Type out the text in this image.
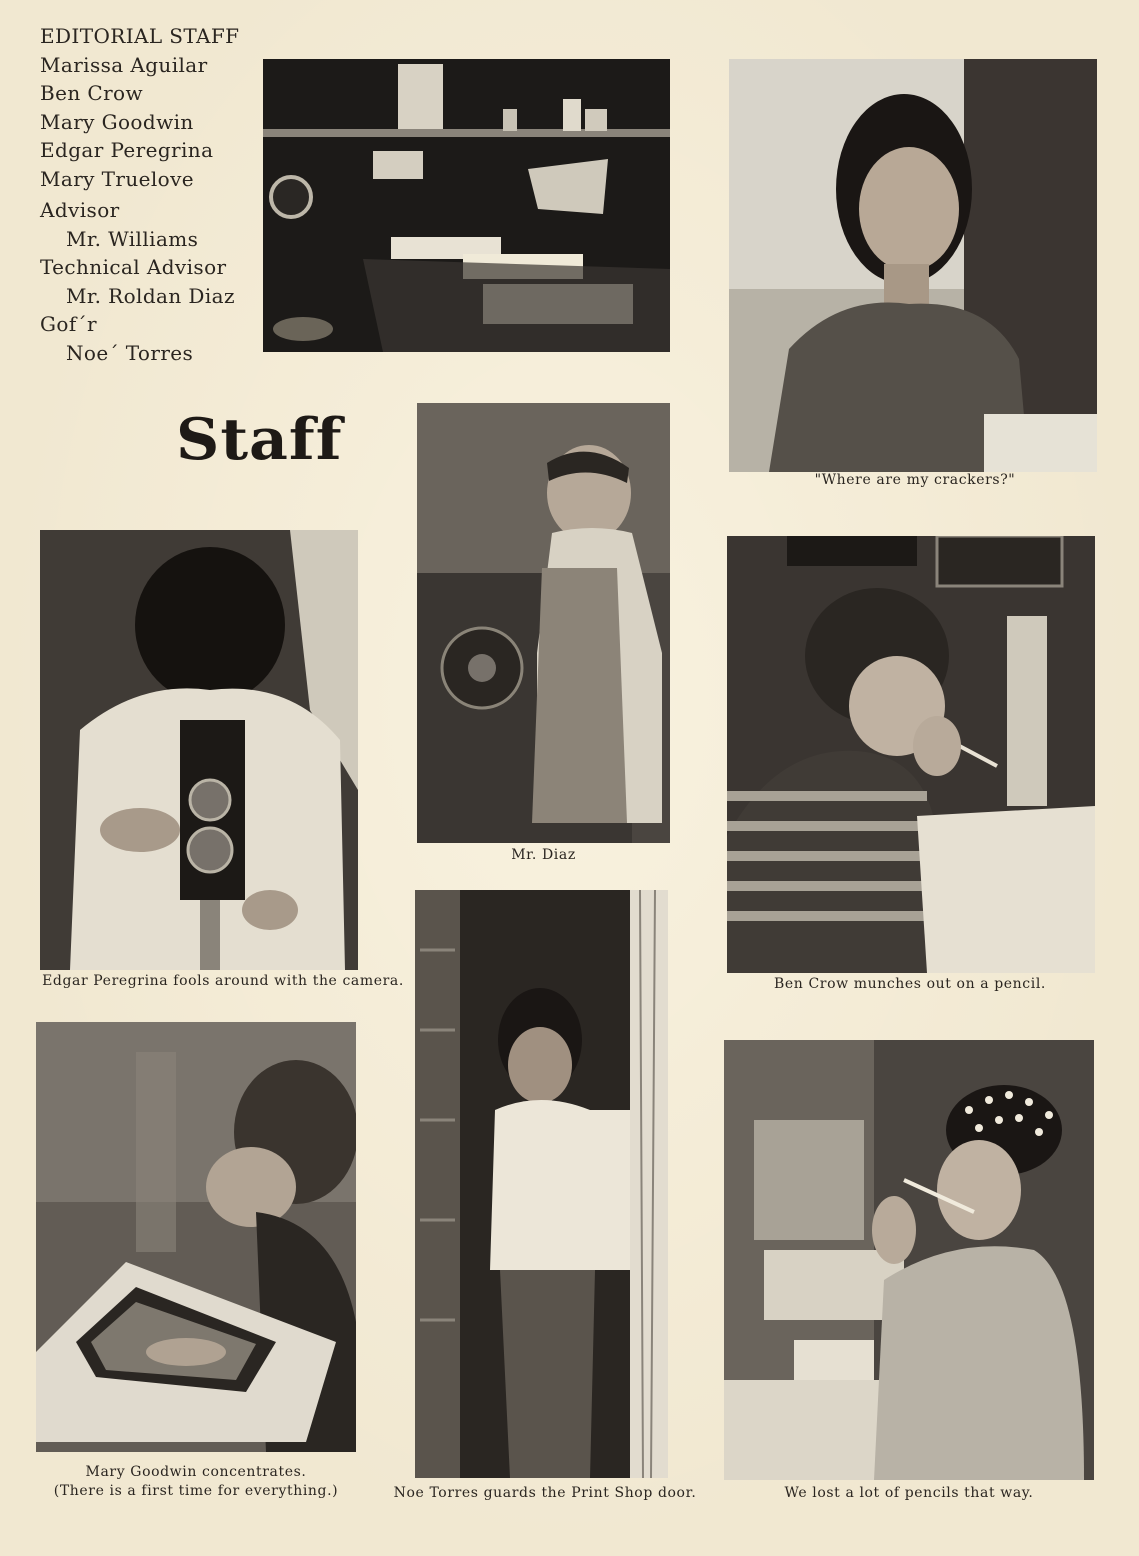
EDITORIAL STAFF
Marissa Aguilar
Ben Crow
Mary Goodwin
Edgar Peregrina
Mary Truelove
Advisor
Mr. Williams
Technical Advisor
Mr. Roldan Diaz
Gof´r
Noe´ Torres
Staff
"Where are my crackers?"
Mr. Diaz
Edgar Peregrina fools around with the camera.	Ben Crow munches out on a pencil.
Mary Goodwin concentrates.
(There is a first time for everything.)	Noe Torres guards the Print Shop door.	We lost a lot of pencils that way.
